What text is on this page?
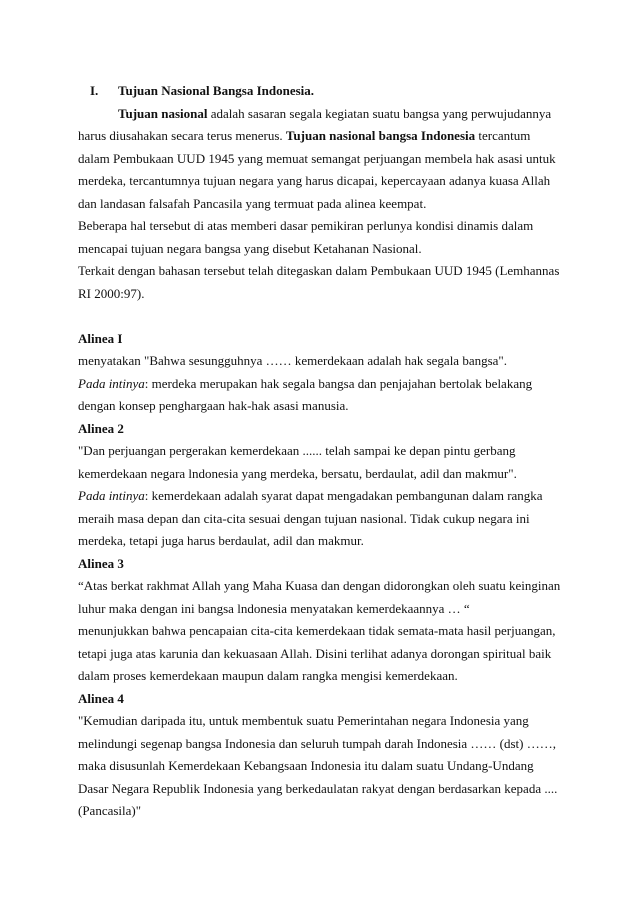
I.	Tujuan Nasional Bangsa Indonesia.
Tujuan nasional adalah sasaran segala kegiatan suatu bangsa yang perwujudannya
harus diusahakan secara terus menerus. Tujuan nasional bangsa Indonesia tercantum
dalam Pembukaan UUD 1945 yang memuat semangat perjuangan membela hak asasi untuk
merdeka, tercantumnya tujuan negara yang harus dicapai, kepercayaan adanya kuasa Allah
dan landasan falsafah Pancasila yang termuat pada alinea keempat.
Beberapa hal tersebut di atas memberi dasar pemikiran perlunya kondisi dinamis dalam
mencapai tujuan negara bangsa yang disebut Ketahanan Nasional.
Terkait dengan bahasan tersebut telah ditegaskan dalam Pembukaan UUD 1945 (Lemhannas
RI 2000:97).
Alinea I
menyatakan "Bahwa sesungguhnya …… kemerdekaan adalah hak segala bangsa".
Pada intinya: merdeka merupakan hak segala bangsa dan penjajahan bertolak belakang
dengan konsep penghargaan hak-hak asasi manusia.
Alinea 2
"Dan perjuangan pergerakan kemerdekaan ...... telah sampai ke depan pintu gerbang
kemerdekaan negara lndonesia yang merdeka, bersatu, berdaulat, adil dan makmur".
Pada intinya: kemerdekaan adalah syarat dapat mengadakan pembangunan dalam rangka
meraih masa depan dan cita-cita sesuai dengan tujuan nasional. Tidak cukup negara ini
merdeka, tetapi juga harus berdaulat, adil dan makmur.
Alinea 3
“Atas berkat rakhmat Allah yang Maha Kuasa dan dengan didorongkan oleh suatu keinginan
luhur maka dengan ini bangsa lndonesia menyatakan kemerdekaannya … “
menunjukkan bahwa pencapaian cita-cita kemerdekaan tidak semata-mata hasil perjuangan,
tetapi juga atas karunia dan kekuasaan Allah. Disini terlihat adanya dorongan spiritual baik
dalam proses kemerdekaan maupun dalam rangka mengisi kemerdekaan.
Alinea 4
"Kemudian daripada itu, untuk membentuk suatu Pemerintahan negara Indonesia yang
melindungi segenap bangsa Indonesia dan seluruh tumpah darah Indonesia …… (dst) ……,
maka disusunlah Kemerdekaan Kebangsaan Indonesia itu dalam suatu Undang-Undang
Dasar Negara Republik Indonesia yang berkedaulatan rakyat dengan berdasarkan kepada ....
(Pancasila)"
